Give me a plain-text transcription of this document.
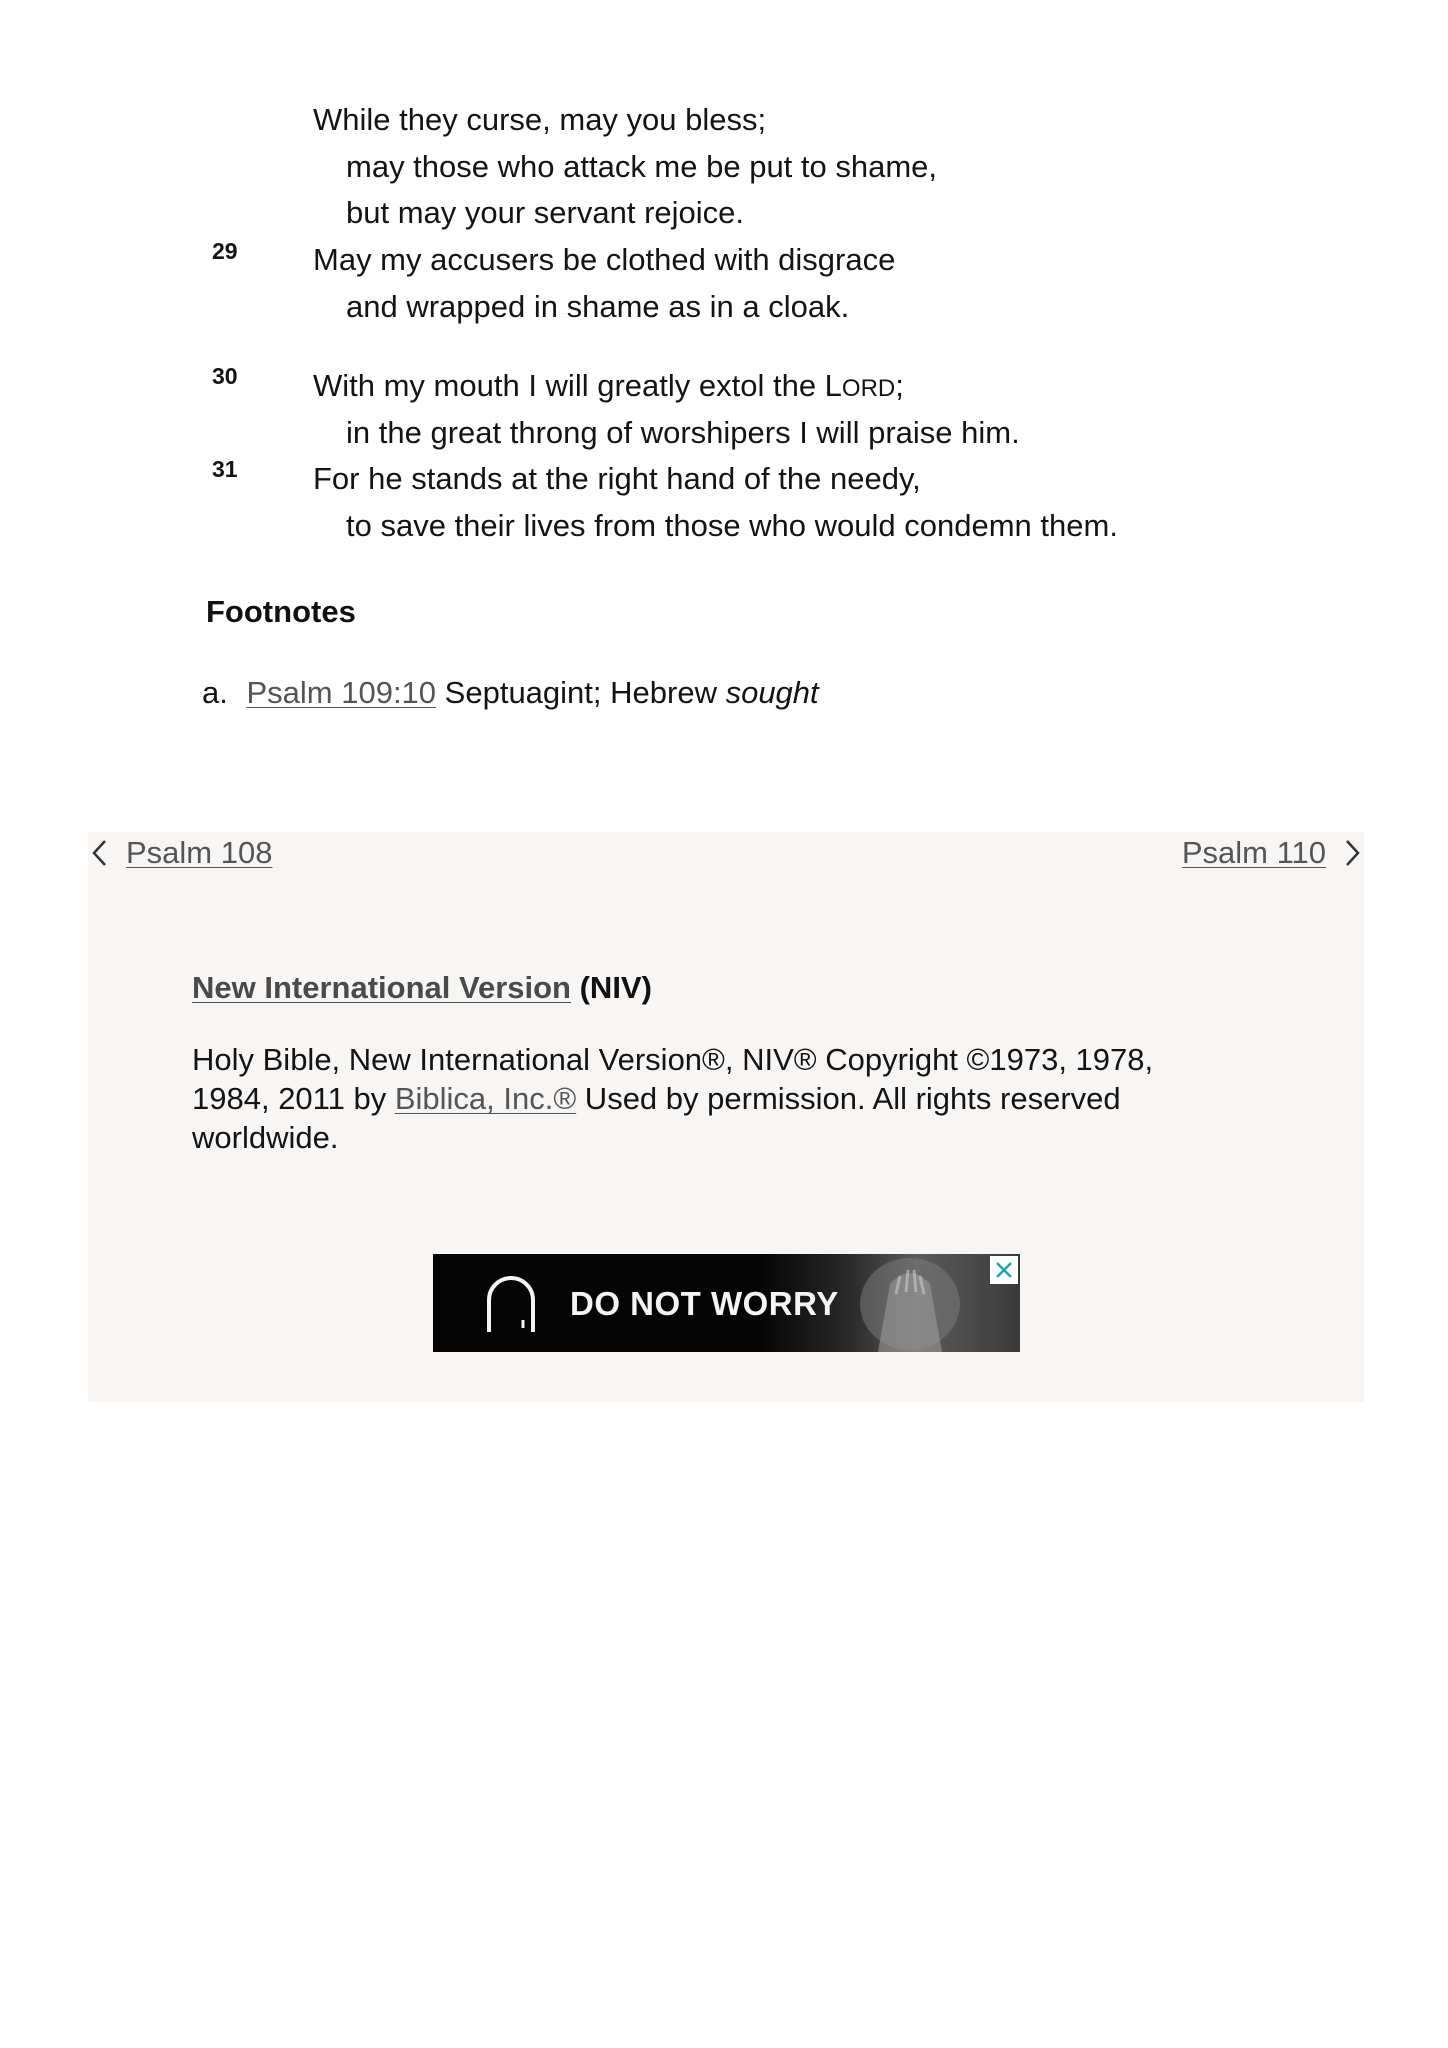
While they curse, may you bless;
may those who attack me be put to shame,
but may your servant rejoice.
29 May my accusers be clothed with disgrace
and wrapped in shame as in a cloak.
30 With my mouth I will greatly extol the LORD;
in the great throng of worshipers I will praise him.
31 For he stands at the right hand of the needy,
to save their lives from those who would condemn them.
Footnotes
a. Psalm 109:10 Septuagint; Hebrew sought
Psalm 108	Psalm 110
New International Version (NIV)
Holy Bible, New International Version®, NIV® Copyright ©1973, 1978, 1984, 2011 by Biblica, Inc.® Used by permission. All rights reserved worldwide.
DO NOT WORRY
